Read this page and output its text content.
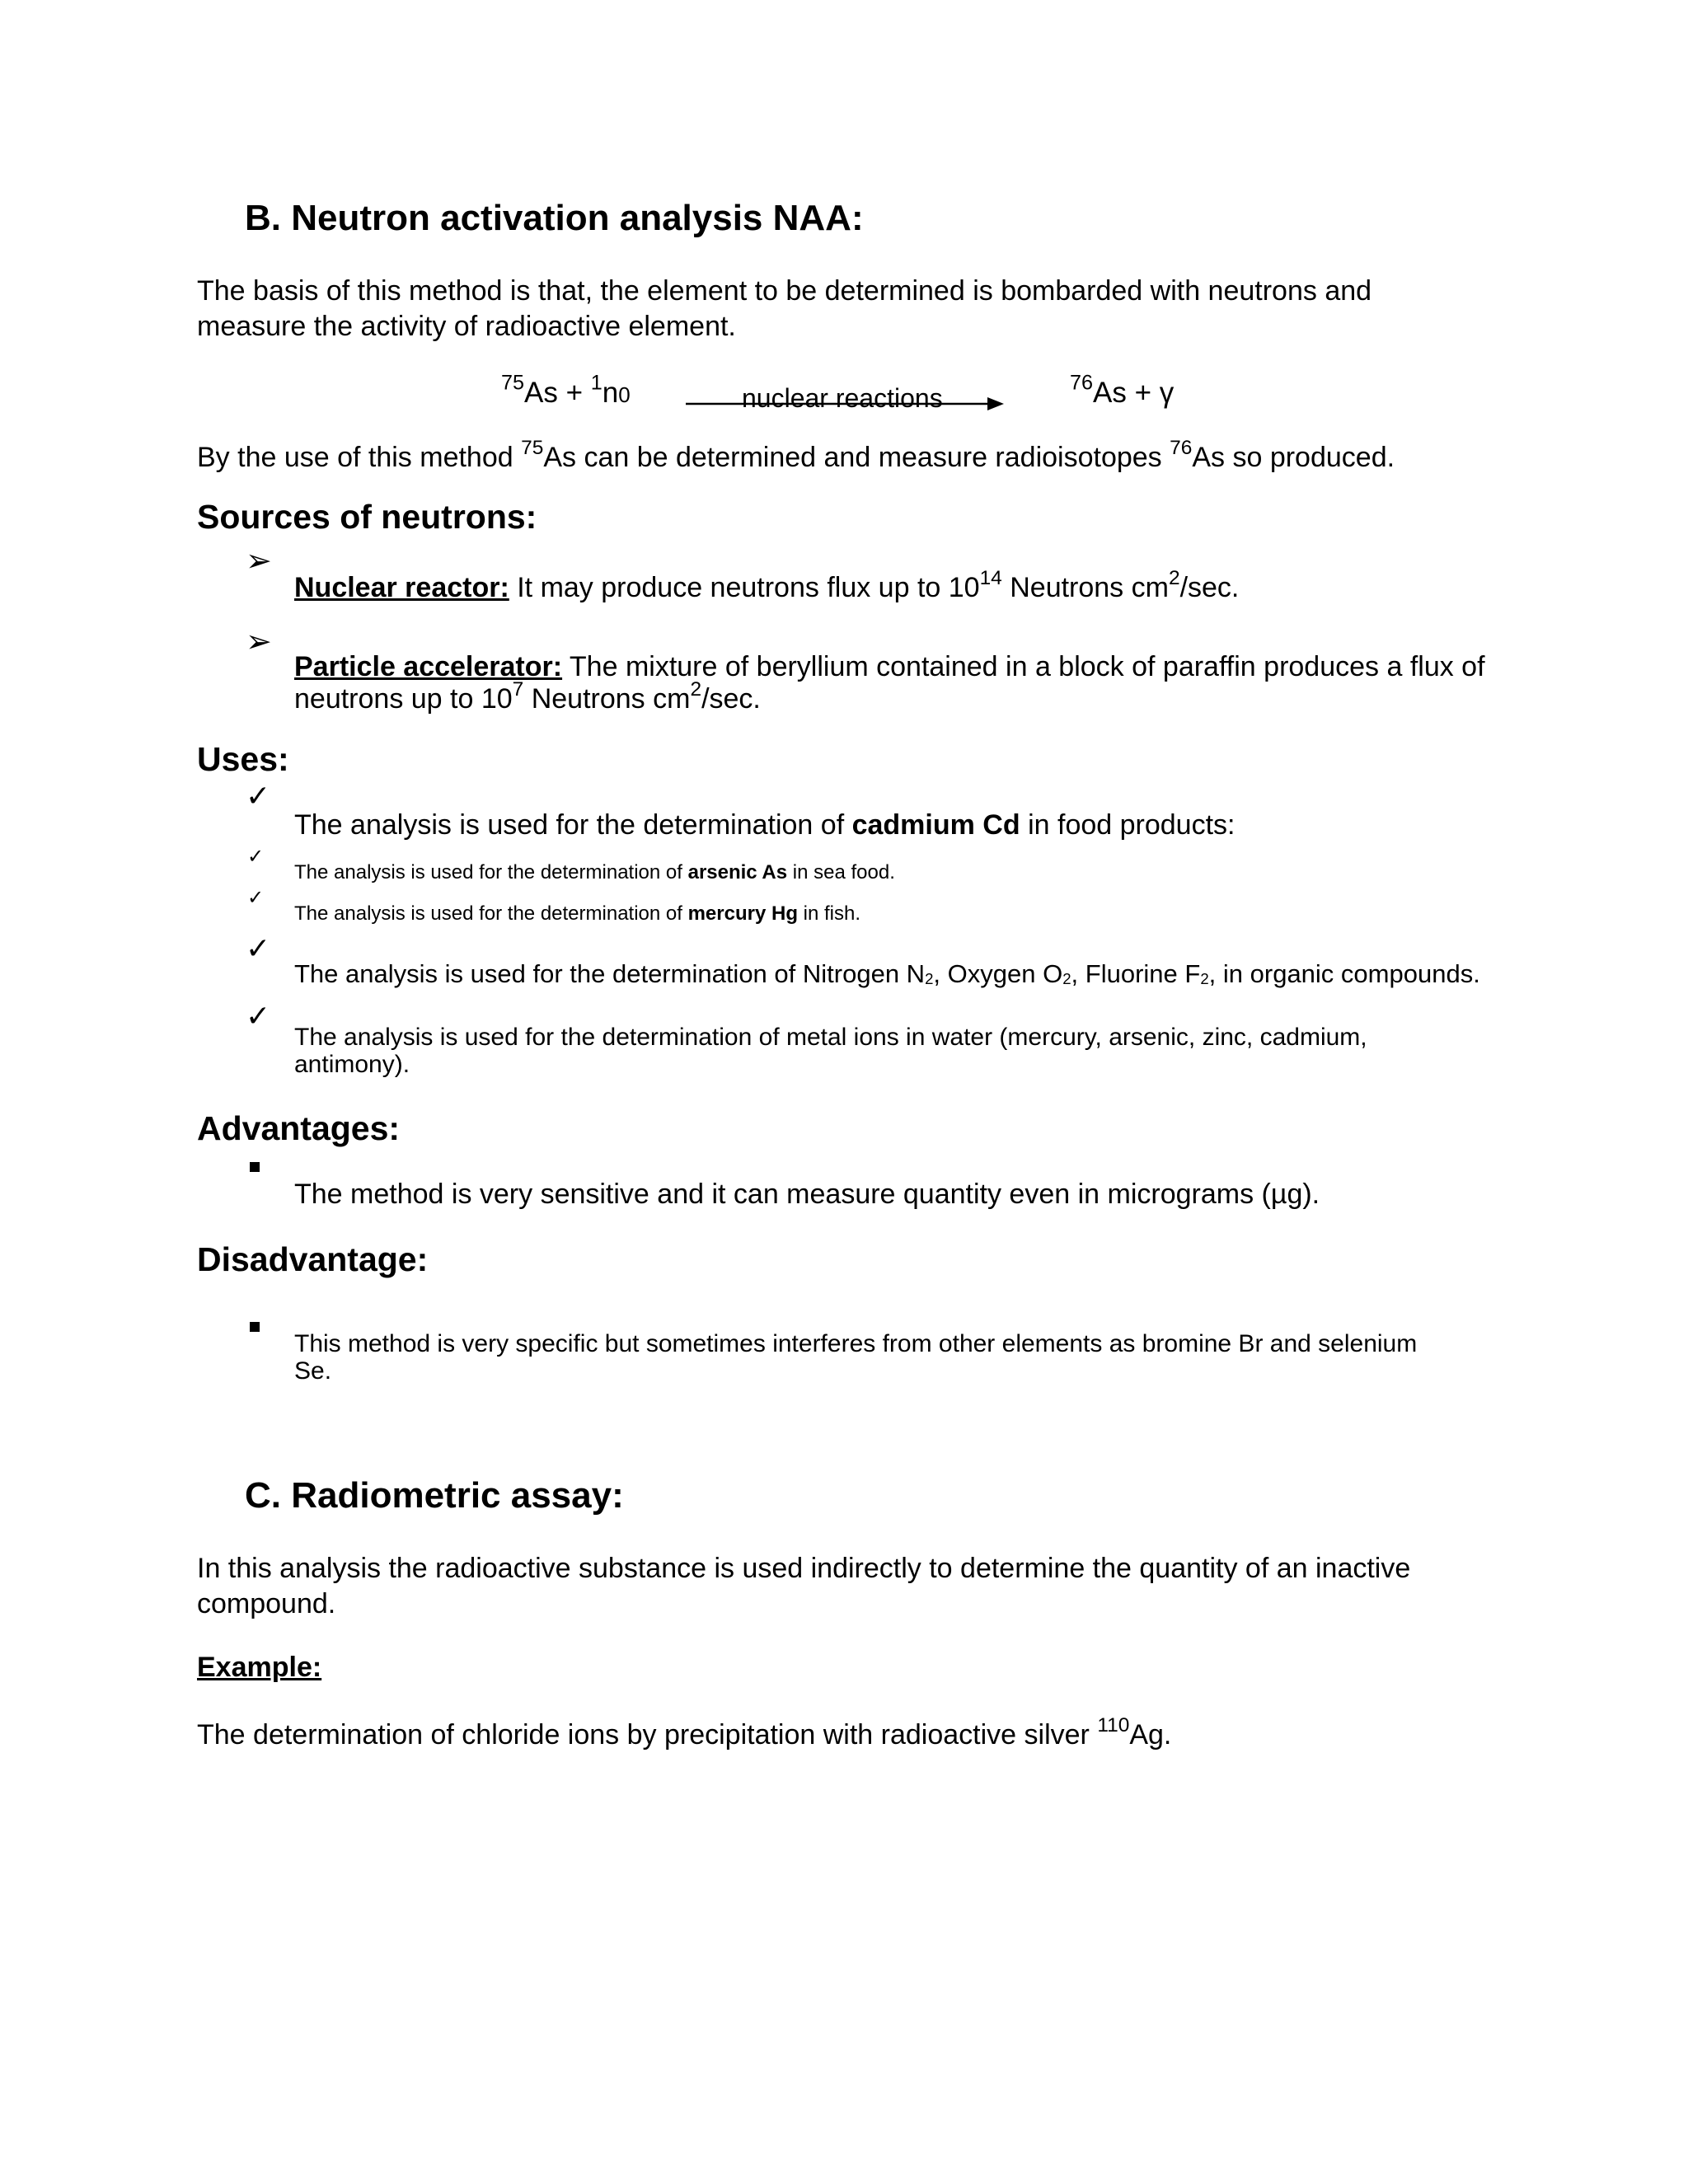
B. Neutron activation analysis NAA:
The basis of this method is that, the element to be determined is bombarded with neutrons and
measure the activity of radioactive element.
$^{75}$As + $^1$n0	nuclear reactions
$^{76}$As + γ
By the use of this method $^{75}$As can be determined and measure radioisotopes $^{76}$As so produced.
Sources of neutrons:
➢
Nuclear reactor: It may produce neutrons flux up to $10^{14}$ Neutrons $cm^2/\sec$.
➢
Particle accelerator: The mixture of beryllium contained in a block of paraffin produces a flux of
neutrons up to $10^7$ Neutrons $cm^2/\sec$.
Uses:
✓
The analysis is used for the determination of cadmium Cd in food products:
✓
The analysis is used for the determination of arsenic As in sea food.
✓
The analysis is used for the determination of mercury Hg in fish.
✓
The analysis is used for the determination of Nitrogen $N_2$, Oxygen $O_2$, Fluorine $F_2$, in organic compounds.
✓
The analysis is used for the determination of metal ions in water (mercury, arsenic, zinc, cadmium,
antimony).
Advantages:
The method is very sensitive and it can measure quantity even in micrograms (µg).
Disadvantage:
This method is very specific but sometimes interferes from other elements as bromine Br and selenium
Se.
C. Radiometric assay:
In this analysis the radioactive substance is used indirectly to determine the quantity of an inactive
compound.
Example:
The determination of chloride ions by precipitation with radioactive silver $^{110}$Ag.
